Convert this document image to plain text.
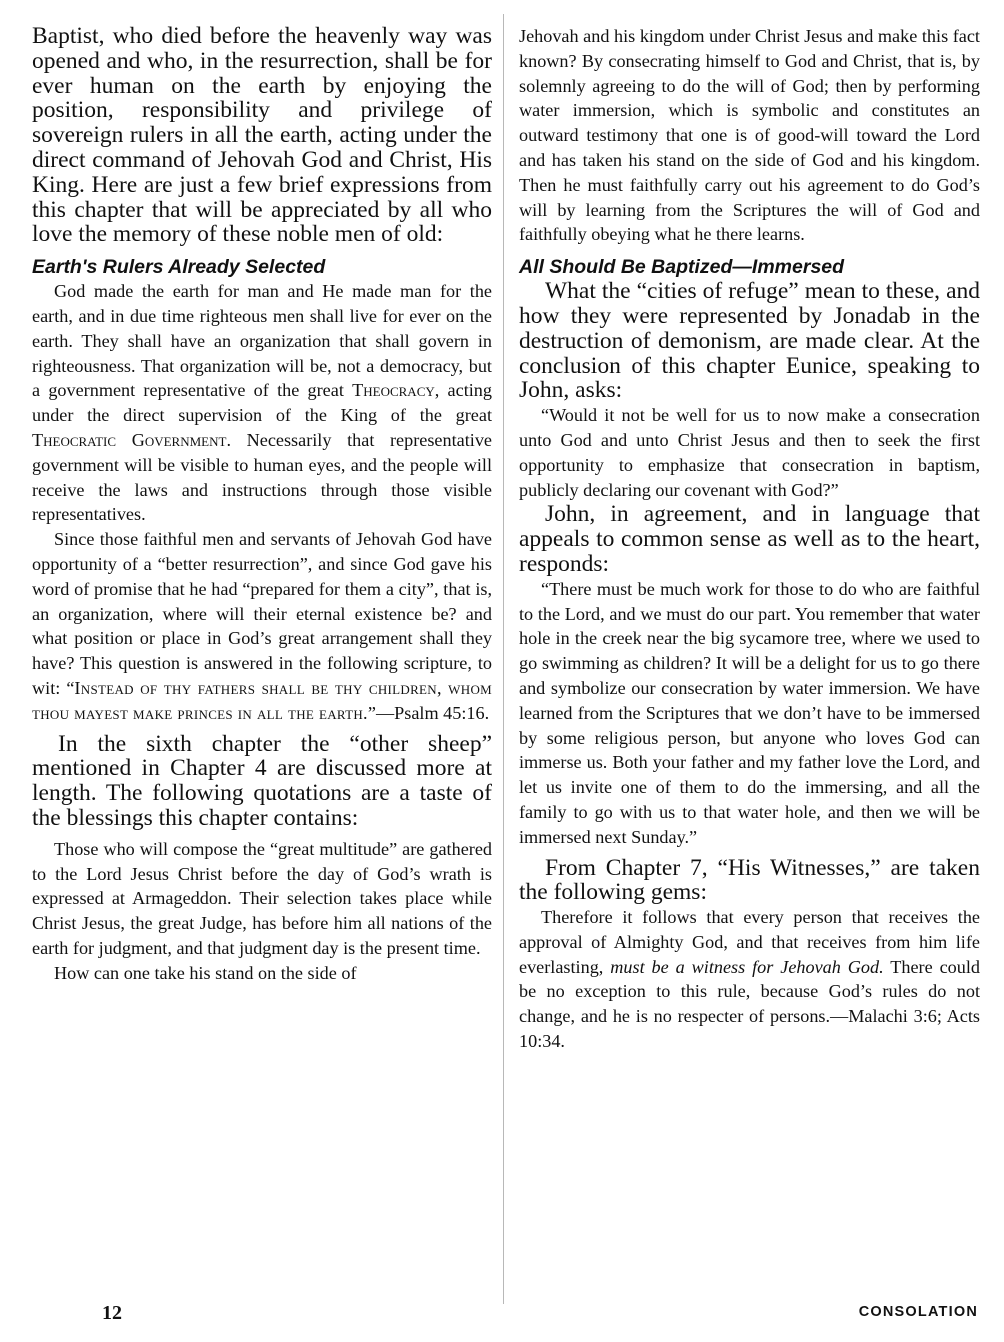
Baptist, who died before the heavenly way was opened and who, in the resurrection, shall be for ever human on the earth by enjoying the position, responsibility and privilege of sovereign rulers in all the earth, acting under the direct command of Jehovah God and Christ, His King. Here are just a few brief expressions from this chapter that will be appreciated by all who love the memory of these noble men of old:

Earth's Rulers Already Selected

God made the earth for man and He made man for the earth, and in due time righteous men shall live for ever on the earth. They shall have an organization that shall govern in righteousness. That organization will be, not a democracy, but a government representative of the great Theocracy, acting under the direct supervision of the King of the great Theocratic Government. Necessarily that representative government will be visible to human eyes, and the people will receive the laws and instructions through those visible representatives.

Since those faithful men and servants of Jehovah God have opportunity of a “better resurrection”, and since God gave his word of promise that he had “prepared for them a city”, that is, an organization, where will their eternal existence be? and what position or place in God’s great arrangement shall they have? This question is answered in the following scripture, to wit: “Instead of thy fathers shall be thy children, whom thou mayest make princes in all the earth.”—Psalm 45:16.

In the sixth chapter the “other sheep” mentioned in Chapter 4 are discussed more at length. The following quotations are a taste of the blessings this chapter contains:

Those who will compose the “great multitude” are gathered to the Lord Jesus Christ before the day of God’s wrath is expressed at Armageddon. Their selection takes place while Christ Jesus, the great Judge, has before him all nations of the earth for judgment, and that judgment day is the present time.

How can one take his stand on the side of

Jehovah and his kingdom under Christ Jesus and make this fact known? By consecrating himself to God and Christ, that is, by solemnly agreeing to do the will of God; then by performing water immersion, which is symbolic and constitutes an outward testimony that one is of good-will toward the Lord and has taken his stand on the side of God and his kingdom. Then he must faithfully carry out his agreement to do God’s will by learning from the Scriptures the will of God and faithfully obeying what he there learns.

All Should Be Baptized—Immersed

What the “cities of refuge” mean to these, and how they were represented by Jonadab in the destruction of demonism, are made clear. At the conclusion of this chapter Eunice, speaking to John, asks:

“Would it not be well for us to now make a consecration unto God and unto Christ Jesus and then to seek the first opportunity to emphasize that consecration in baptism, publicly declaring our covenant with God?”

John, in agreement, and in language that appeals to common sense as well as to the heart, responds:

“There must be much work for those to do who are faithful to the Lord, and we must do our part. You remember that water hole in the creek near the big sycamore tree, where we used to go swimming as children? It will be a delight for us to go there and symbolize our consecration by water immersion. We have learned from the Scriptures that we don’t have to be immersed by some religious person, but anyone who loves God can immerse us. Both your father and my father love the Lord, and let us invite one of them to do the immersing, and all the family to go with us to that water hole, and then we will be immersed next Sunday.”

From Chapter 7, “His Witnesses,” are taken the following gems:

Therefore it follows that every person that receives the approval of Almighty God, and that receives from him life everlasting, must be a witness for Jehovah God. There could be no exception to this rule, because God’s rules do not change, and he is no respecter of persons.—Malachi 3:6; Acts 10:34.

12	CONSOLATION
